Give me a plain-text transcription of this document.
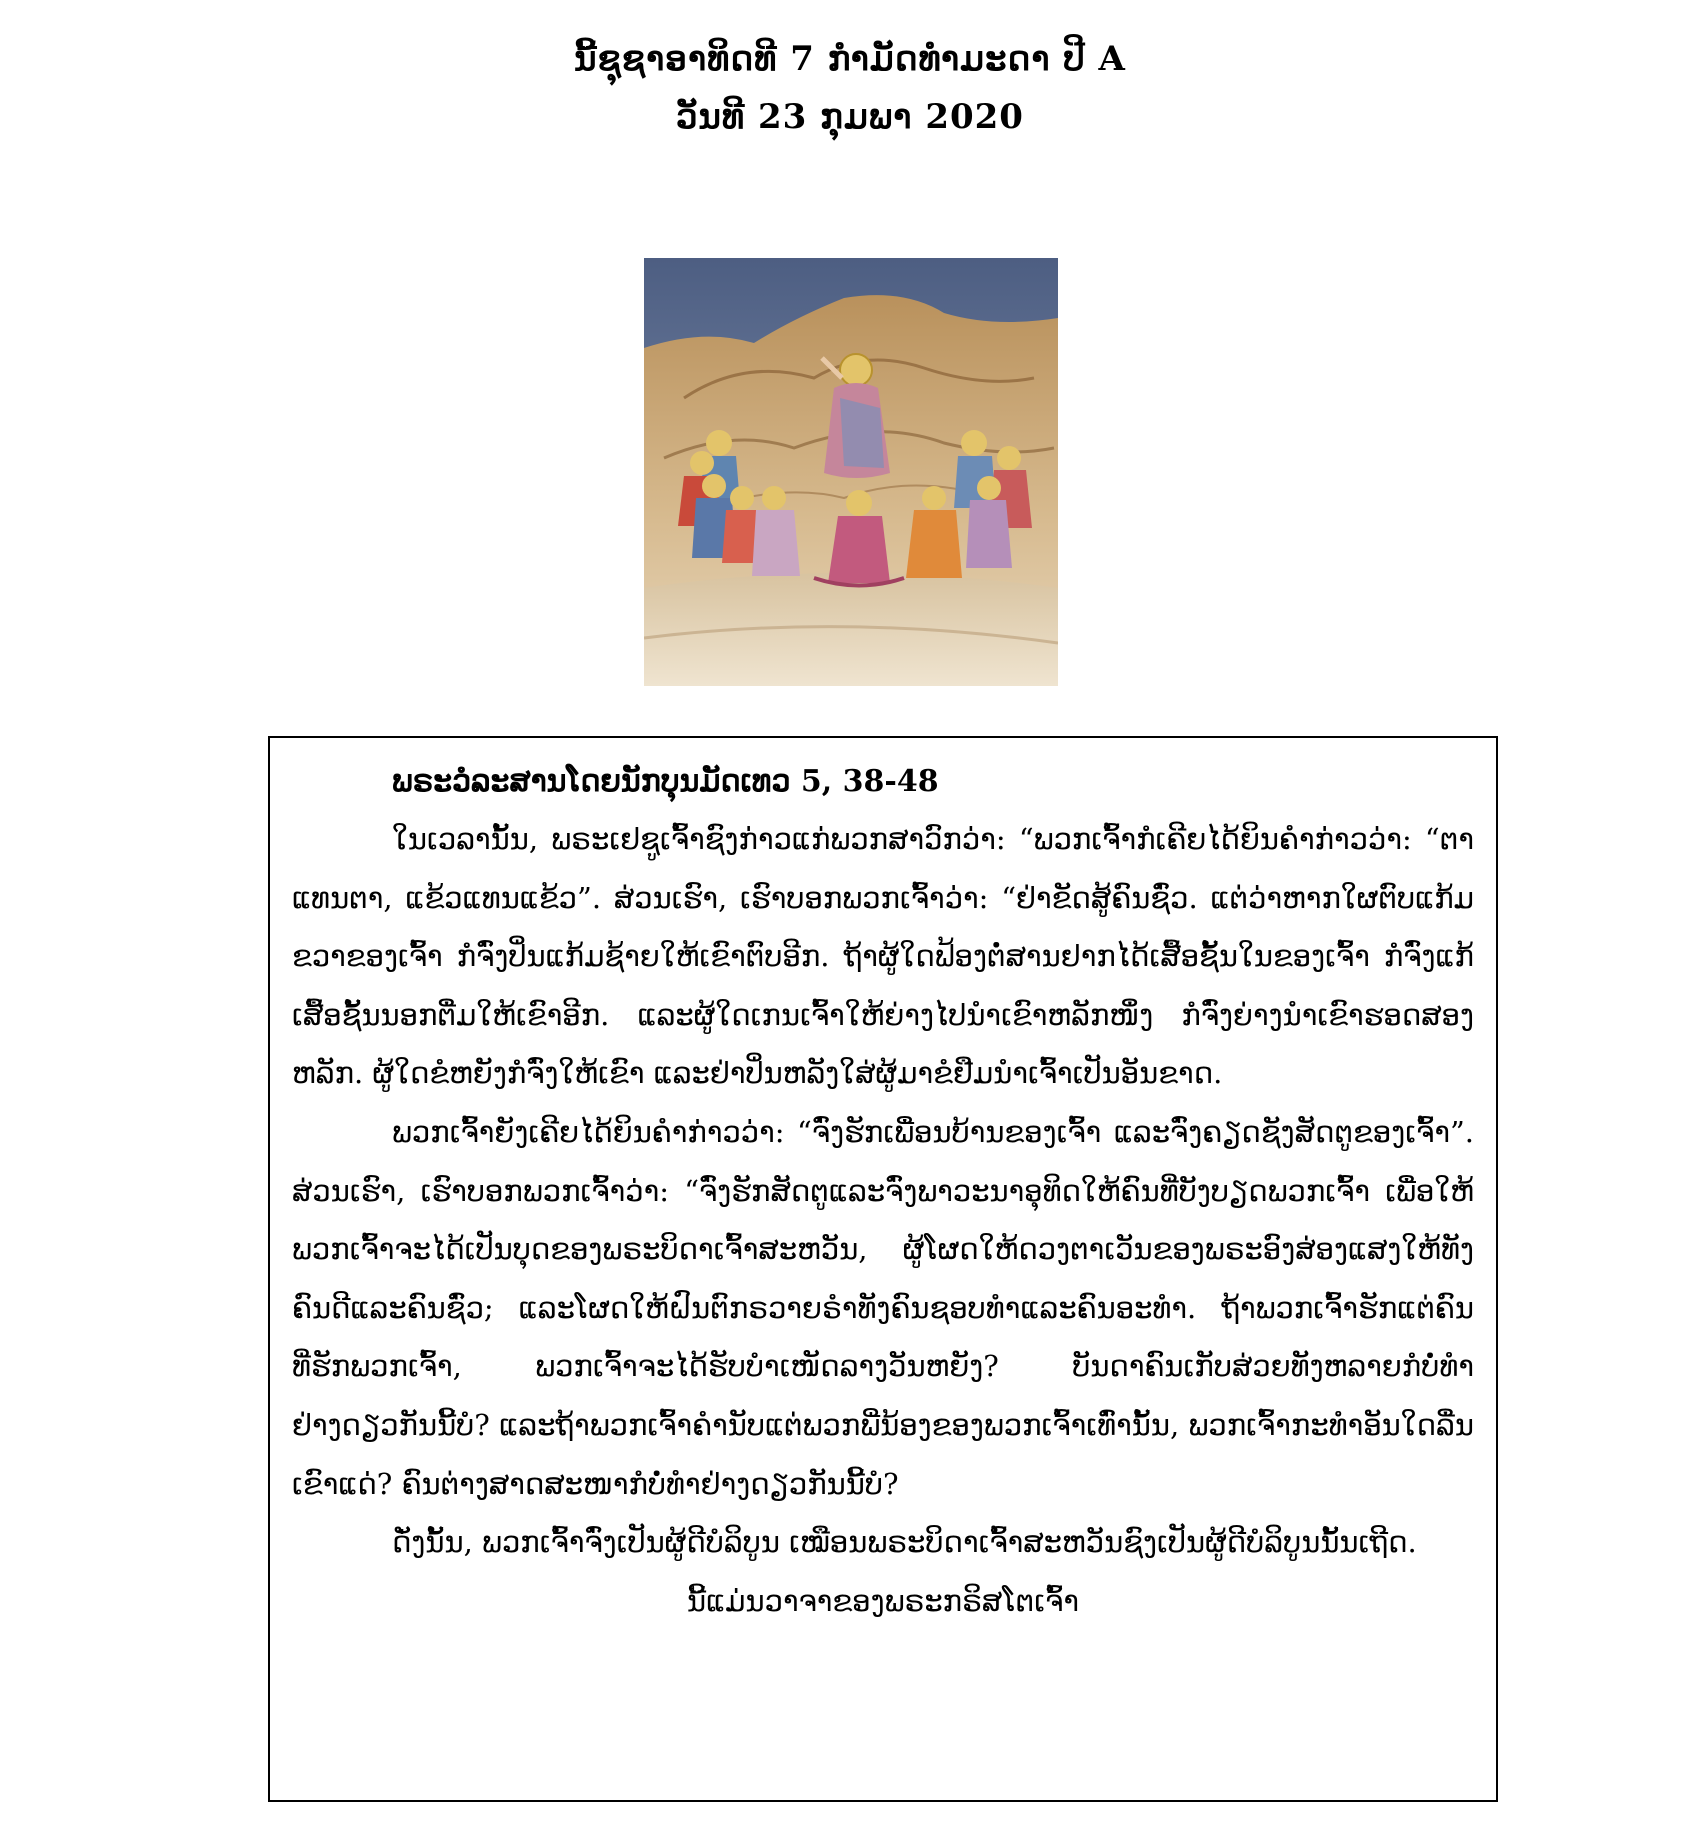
ນີ້ຊຸຊາອາທິດທີ 7 ກຳມັດທຳມະດາ ປີ A
ວັນທີ 23 ກຸມພາ 2020
ພຣະວໍລະສານໂດຍນັກບຸນມັດເທວ 5, 38-48

ໃນເວລານັ້ນ, ພຣະເຢຊູເຈົ້າຊົງກ່າວແກ່ພວກສາວົກວ່າ: “ພວກເຈົ້າກໍເຄີຍໄດ້ຍິນຄຳກ່າວວ່າ: “ຕາແທນຕາ, ແຂ້ວແທນແຂ້ວ”. ສ່ວນເຮົາ, ເຮົາບອກພວກເຈົ້າວ່າ: “ຢ່າຂັດສູ້ຄົນຊົ່ວ. ແຕ່ວ່າຫາກໃຜຕົບແກ້ມຂວາຂອງເຈົ້າ ກໍຈົ່ງປິ່ນແກ້ມຊ້າຍໃຫ້ເຂົາຕົບອີກ. ຖ້າຜູ້ໃດຟ້ອງຕໍ່ສານຢາກໄດ້ເສື້ອຊັ້ນໃນຂອງເຈົ້າ ກໍຈົ່ງແກ້ເສື້ອຊັ້ນນອກຕື່ມໃຫ້ເຂົາອີກ. ແລະຜູ້ໃດເກນເຈົ້າໃຫ້ຍ່າງໄປນຳເຂົາຫລັກໜຶ່ງ ກໍຈົ່ງຍ່າງນຳເຂົາຮອດສອງຫລັກ. ຜູ້ໃດຂໍຫຍັງກໍຈົ່ງໃຫ້ເຂົາ ແລະຢ່າປິ່ນຫລັງໃສ່ຜູ້ມາຂໍຢືມນຳເຈົ້າເປັນອັນຂາດ.

ພວກເຈົ້າຍັງເຄີຍໄດ້ຍິນຄຳກ່າວວ່າ: “ຈົ່ງຮັກເພື່ອນບ້ານຂອງເຈົ້າ ແລະຈົ່ງຄຽດຊັງສັດຕູຂອງເຈົ້າ”. ສ່ວນເຮົາ, ເຮົາບອກພວກເຈົ້າວ່າ: “ຈົ່ງຮັກສັດຕູແລະຈົ່ງພາວະນາອຸທິດໃຫ້ຄົນທີ່ບັງບຽດພວກເຈົ້າ ເພື່ອໃຫ້ພວກເຈົ້າຈະໄດ້ເປັນບຸດຂອງພຣະບິດາເຈົ້າສະຫວັນ, ຜູ້ໂຜດໃຫ້ດວງຕາເວັນຂອງພຣະອົງສ່ອງແສງໃຫ້ທັງຄົນດີແລະຄົນຊົ່ວ; ແລະໂຜດໃຫ້ຝົນຕົກຣວາຍຣຳທັງຄົນຊອບທຳແລະຄົນອະທຳ. ຖ້າພວກເຈົ້າຮັກແຕ່ຄົນທີ່ຮັກພວກເຈົ້າ, ພວກເຈົ້າຈະໄດ້ຮັບບຳເໜັດລາງວັນຫຍັງ? ບັນດາຄົນເກັບສ່ວຍທັງຫລາຍກໍບໍ່ທຳຢ່າງດຽວກັນນີ້ບໍ? ແລະຖ້າພວກເຈົ້າຄຳນັບແຕ່ພວກພີ່ນ້ອງຂອງພວກເຈົ້າເທົ່ານັ້ນ, ພວກເຈົ້າກະທຳອັນໃດລື່ນເຂົາແດ່? ຄົນຕ່າງສາດສະໜາກໍບໍ່ທຳຢ່າງດຽວກັນນີ້ບໍ?

ດັ່ງນັ້ນ, ພວກເຈົ້າຈົ່ງເປັນຜູ້ດີບໍລິບູນ ເໝືອນພຣະບິດາເຈົ້າສະຫວັນຊົງເປັນຜູ້ດີບໍລິບູນນັ້ນເຖີດ.

ນີ້ແມ່ນວາຈາຂອງພຣະກຣິສໂຕເຈົ້າ
